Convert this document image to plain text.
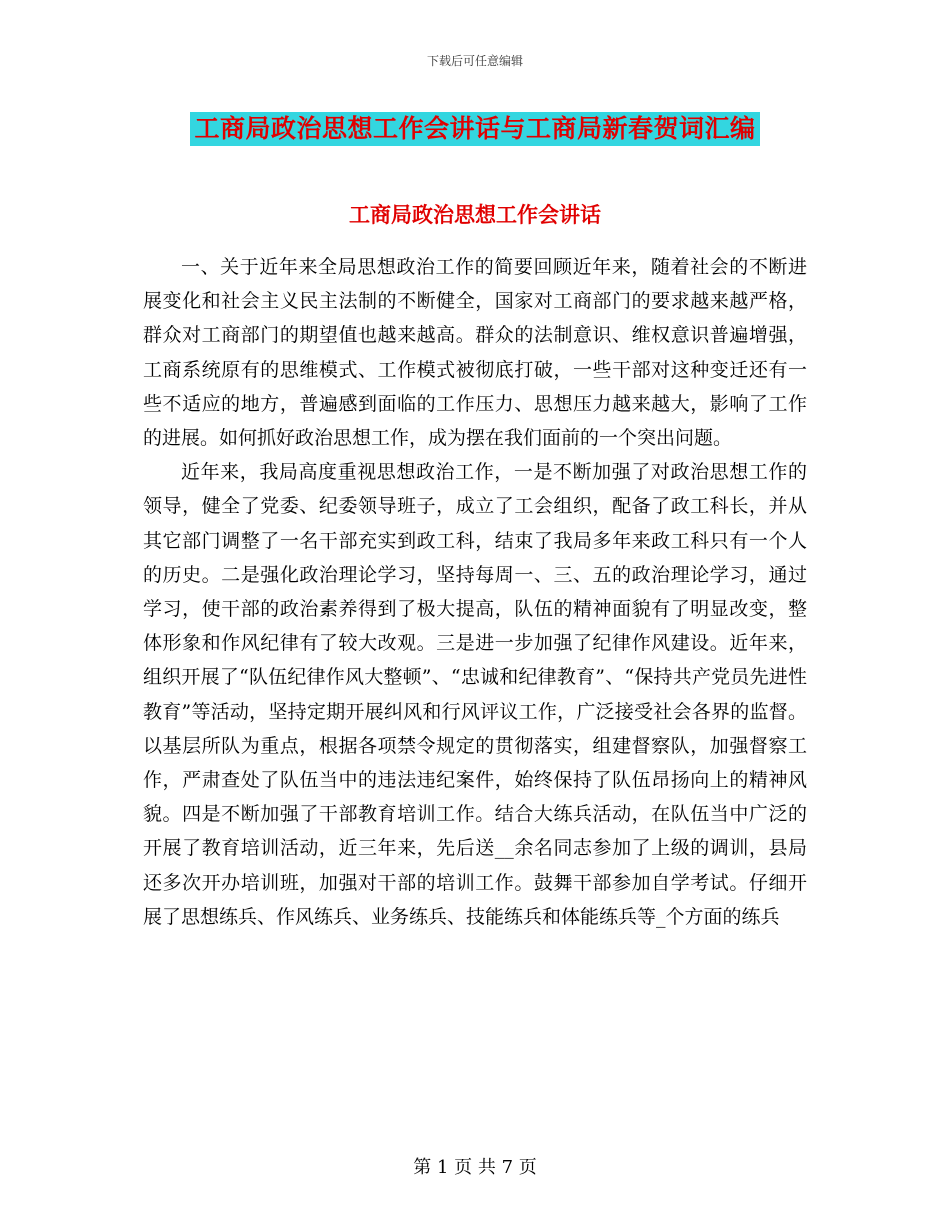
下载后可任意编辑
工商局政治思想工作会讲话与工商局新春贺词汇编
工商局政治思想工作会讲话

一、关于近年来全局思想政治工作的简要回顾近年来，随着社会的不断进展变化和社会主义民主法制的不断健全，国家对工商部门的要求越来越严格，群众对工商部门的期望值也越来越高。群众的法制意识、维权意识普遍增强，工商系统原有的思维模式、工作模式被彻底打破，一些干部对这种变迁还有一些不适应的地方，普遍感到面临的工作压力、思想压力越来越大，影响了工作的进展。如何抓好政治思想工作，成为摆在我们面前的一个突出问题。

近年来，我局高度重视思想政治工作，一是不断加强了对政治思想工作的领导，健全了党委、纪委领导班子，成立了工会组织，配备了政工科长，并从其它部门调整了一名干部充实到政工科，结束了我局多年来政工科只有一个人的历史。二是强化政治理论学习，坚持每周一、三、五的政治理论学习，通过学习，使干部的政治素养得到了极大提高，队伍的精神面貌有了明显改变，整体形象和作风纪律有了较大改观。三是进一步加强了纪律作风建设。近年来，组织开展了“队伍纪律作风大整顿”、“忠诚和纪律教育”、“保持共产党员先进性教育”等活动，坚持定期开展纠风和行风评议工作，广泛接受社会各界的监督。以基层所队为重点，根据各项禁令规定的贯彻落实，组建督察队，加强督察工作，严肃查处了队伍当中的违法违纪案件，始终保持了队伍昂扬向上的精神风貌。四是不断加强了干部教育培训工作。结合大练兵活动，在队伍当中广泛的开展了教育培训活动，近三年来，先后送__余名同志参加了上级的调训，县局还多次开办培训班，加强对干部的培训工作。鼓舞干部参加自学考试。仔细开展了思想练兵、作风练兵、业务练兵、技能练兵和体能练兵等_个方面的练兵

第 1 页 共 7 页
